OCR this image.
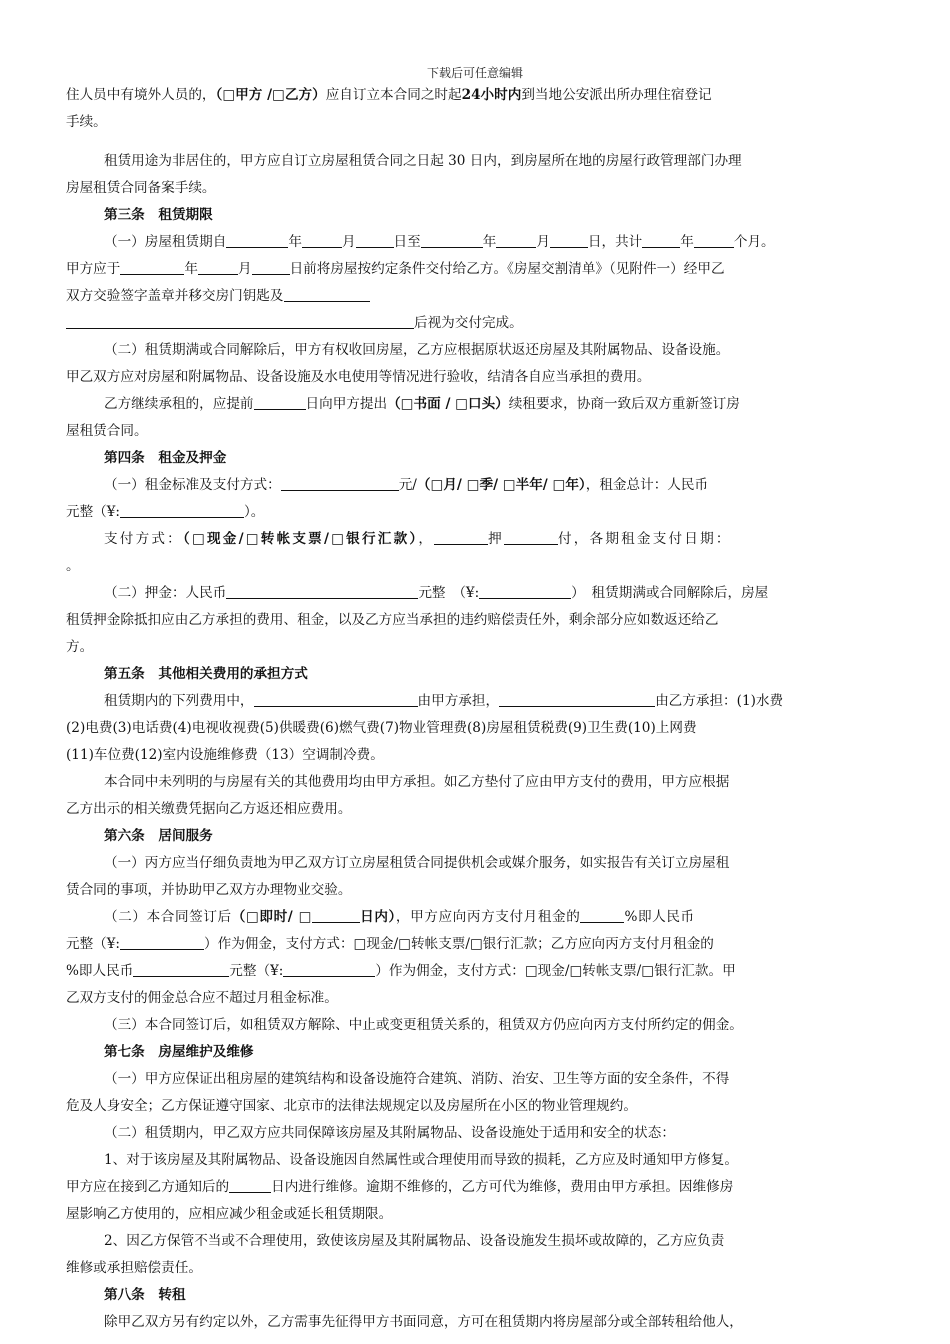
下载后可任意编辑

住人员中有境外人员的，（□甲方 /□乙方）应自订立本合同之时起24小时内到当地公安派出所办理住宿登记

手续。

租赁用途为非居住的，甲方应自订立房屋租赁合同之日起 30 日内，到房屋所在地的房屋行政管理部门办理

房屋租赁合同备案手续。

第三条　租赁期限

（一）房屋租赁期自	年	月	日至	年	月	日，共计	年	个月。

甲方应于	年	月	日前将房屋按约定条件交付给乙方。《房屋交割清单》（见附件一）经甲乙

双方交验签字盖章并移交房门钥匙及

后视为交付完成。

（二）租赁期满或合同解除后，甲方有权收回房屋，乙方应根据原状返还房屋及其附属物品、设备设施。

甲乙双方应对房屋和附属物品、设备设施及水电使用等情况进行验收，结清各自应当承担的费用。

乙方继续承租的，应提前	日向甲方提出（□书面 / □口头）续租要求，协商一致后双方重新签订房

屋租赁合同。

第四条　租金及押金

（一）租金标准及支付方式：	元/（□月/ □季/ □半年/ □年），租金总计：人民币

元整（¥:	）。

支付方式：（□现金/□转帐支票/□银行汇款），	押	付，各期租金支付日期：

。

（二）押金：人民币	元整　（¥:	）　租赁期满或合同解除后，房屋

租赁押金除抵扣应由乙方承担的费用、租金，以及乙方应当承担的违约赔偿责任外，剩余部分应如数返还给乙

方。

第五条　其他相关费用的承担方式

租赁期内的下列费用中，	由甲方承担，	由乙方承担：(1)水费

(2)电费(3)电话费(4)电视收视费(5)供暖费(6)燃气费(7)物业管理费(8)房屋租赁税费(9)卫生费(10)上网费

(11)车位费(12)室内设施维修费（13）空调制冷费。

本合同中未列明的与房屋有关的其他费用均由甲方承担。如乙方垫付了应由甲方支付的费用，甲方应根据

乙方出示的相关缴费凭据向乙方返还相应费用。

第六条　居间服务

（一）丙方应当仔细负责地为甲乙双方订立房屋租赁合同提供机会或媒介服务，如实报告有关订立房屋租

赁合同的事项，并协助甲乙双方办理物业交验。

（二）本合同签订后（□即时/ □	日内），甲方应向丙方支付月租金的	%即人民币

元整（¥:	）作为佣金，支付方式：□现金/□转帐支票/□银行汇款；乙方应向丙方支付月租金的

%即人民币	元整（¥:	）作为佣金，支付方式：□现金/□转帐支票/□银行汇款。甲

乙双方支付的佣金总合应不超过月租金标准。

（三）本合同签订后，如租赁双方解除、中止或变更租赁关系的，租赁双方仍应向丙方支付所约定的佣金。

第七条　房屋维护及维修

（一）甲方应保证出租房屋的建筑结构和设备设施符合建筑、消防、治安、卫生等方面的安全条件，不得

危及人身安全；乙方保证遵守国家、北京市的法律法规规定以及房屋所在小区的物业管理规约。

（二）租赁期内，甲乙双方应共同保障该房屋及其附属物品、设备设施处于适用和安全的状态：

1、对于该房屋及其附属物品、设备设施因自然属性或合理使用而导致的损耗，乙方应及时通知甲方修复。

甲方应在接到乙方通知后的	日内进行维修。逾期不维修的，乙方可代为维修，费用由甲方承担。因维修房

屋影响乙方使用的，应相应减少租金或延长租赁期限。

2、因乙方保管不当或不合理使用，致使该房屋及其附属物品、设备设施发生损坏或故障的，乙方应负责

维修或承担赔偿责任。

第八条　转租

除甲乙双方另有约定以外，乙方需事先征得甲方书面同意，方可在租赁期内将房屋部分或全部转租给他人，
